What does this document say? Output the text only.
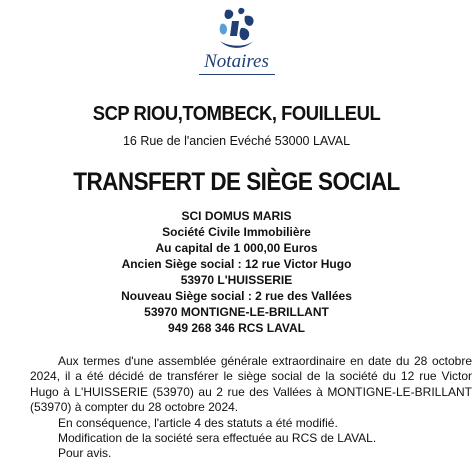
Notaires
SCP RIOU,TOMBECK, FOUILLEUL
16 Rue de l'ancien Evéché 53000 LAVAL
TRANSFERT DE SIÈGE SOCIAL
SCI DOMUS MARIS
Société Civile Immobilière
Au capital de 1 000,00 Euros
Ancien Siège social : 12 rue Victor Hugo
53970 L'HUISSERIE
Nouveau Siège social : 2 rue des Vallées
53970 MONTIGNE-LE-BRILLANT
949 268 346 RCS LAVAL

Aux termes d'une assemblée générale extraordinaire en date du 28 octobre 2024, il a été décidé de transférer le siège social de la société du 12 rue Victor Hugo à L'HUISSERIE (53970) au 2 rue des Vallées à MONTIGNE-LE-BRILLANT (53970) à compter du 28 octobre 2024.

En conséquence, l'article 4 des statuts a été modifié.

Modification de la société sera effectuée au RCS de LAVAL.

Pour avis.
